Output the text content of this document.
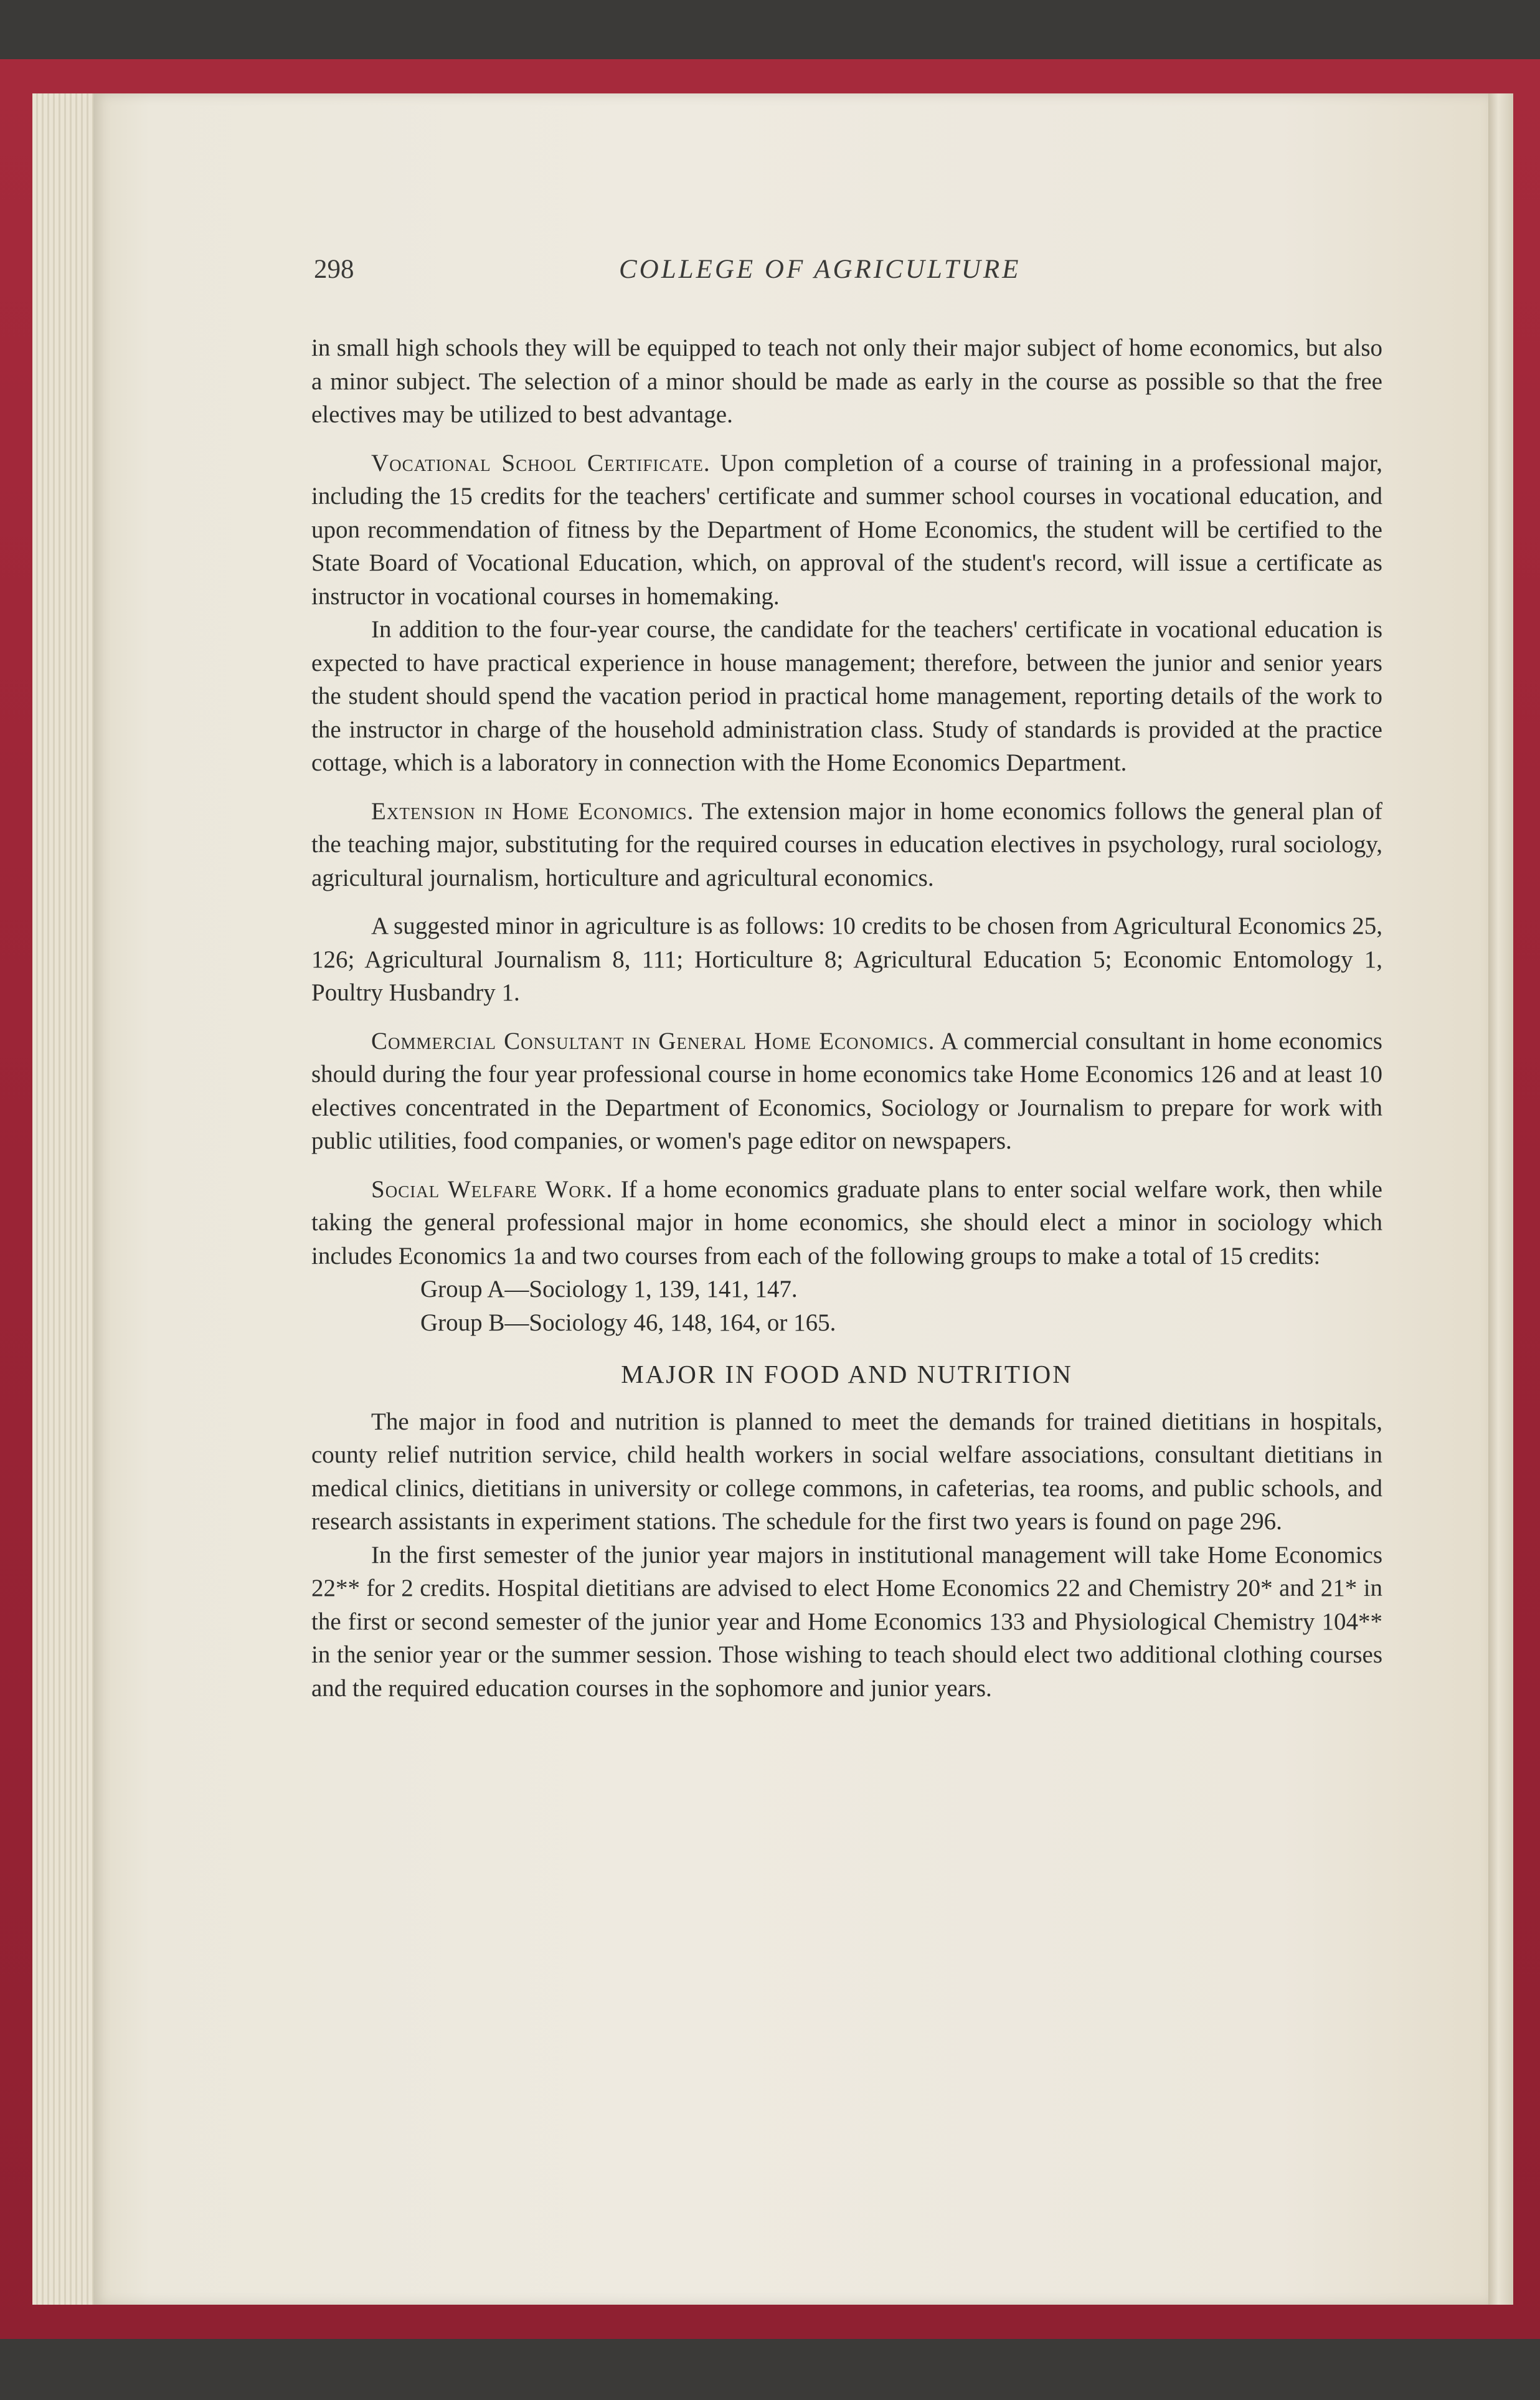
298	COLLEGE OF AGRICULTURE

in small high schools they will be equipped to teach not only their major subject of home economics, but also a minor subject. The selection of a minor should be made as early in the course as possible so that the free electives may be utilized to best advantage.

Vocational School Certificate. Upon completion of a course of training in a professional major, including the 15 credits for the teachers' certificate and summer school courses in vocational education, and upon recommendation of fitness by the Department of Home Economics, the student will be certified to the State Board of Vocational Education, which, on approval of the student's record, will issue a certificate as instructor in vocational courses in homemaking.

In addition to the four-year course, the candidate for the teachers' certificate in vocational education is expected to have practical experience in house management; therefore, between the junior and senior years the student should spend the vacation period in practical home management, reporting details of the work to the instructor in charge of the household administration class. Study of standards is provided at the practice cottage, which is a laboratory in connection with the Home Economics Department.

Extension in Home Economics. The extension major in home economics follows the general plan of the teaching major, substituting for the required courses in education electives in psychology, rural sociology, agricultural journalism, horticulture and agricultural economics.

A suggested minor in agriculture is as follows: 10 credits to be chosen from Agricultural Economics 25, 126; Agricultural Journalism 8, 111; Horticulture 8; Agricultural Education 5; Economic Entomology 1, Poultry Husbandry 1.

Commercial Consultant in General Home Economics. A commercial consultant in home economics should during the four year professional course in home economics take Home Economics 126 and at least 10 electives concentrated in the Department of Economics, Sociology or Journalism to prepare for work with public utilities, food companies, or women's page editor on newspapers.

Social Welfare Work. If a home economics graduate plans to enter social welfare work, then while taking the general professional major in home economics, she should elect a minor in sociology which includes Economics 1a and two courses from each of the following groups to make a total of 15 credits:

Group A—Sociology 1, 139, 141, 147.

Group B—Sociology 46, 148, 164, or 165.

MAJOR IN FOOD AND NUTRITION

The major in food and nutrition is planned to meet the demands for trained dietitians in hospitals, county relief nutrition service, child health workers in social welfare associations, consultant dietitians in medical clinics, dietitians in university or college commons, in cafeterias, tea rooms, and public schools, and research assistants in experiment stations. The schedule for the first two years is found on page 296.

In the first semester of the junior year majors in institutional management will take Home Economics 22** for 2 credits. Hospital dietitians are advised to elect Home Economics 22 and Chemistry 20* and 21* in the first or second semester of the junior year and Home Economics 133 and Physiological Chemistry 104** in the senior year or the summer session. Those wishing to teach should elect two additional clothing courses and the required education courses in the sophomore and junior years.
